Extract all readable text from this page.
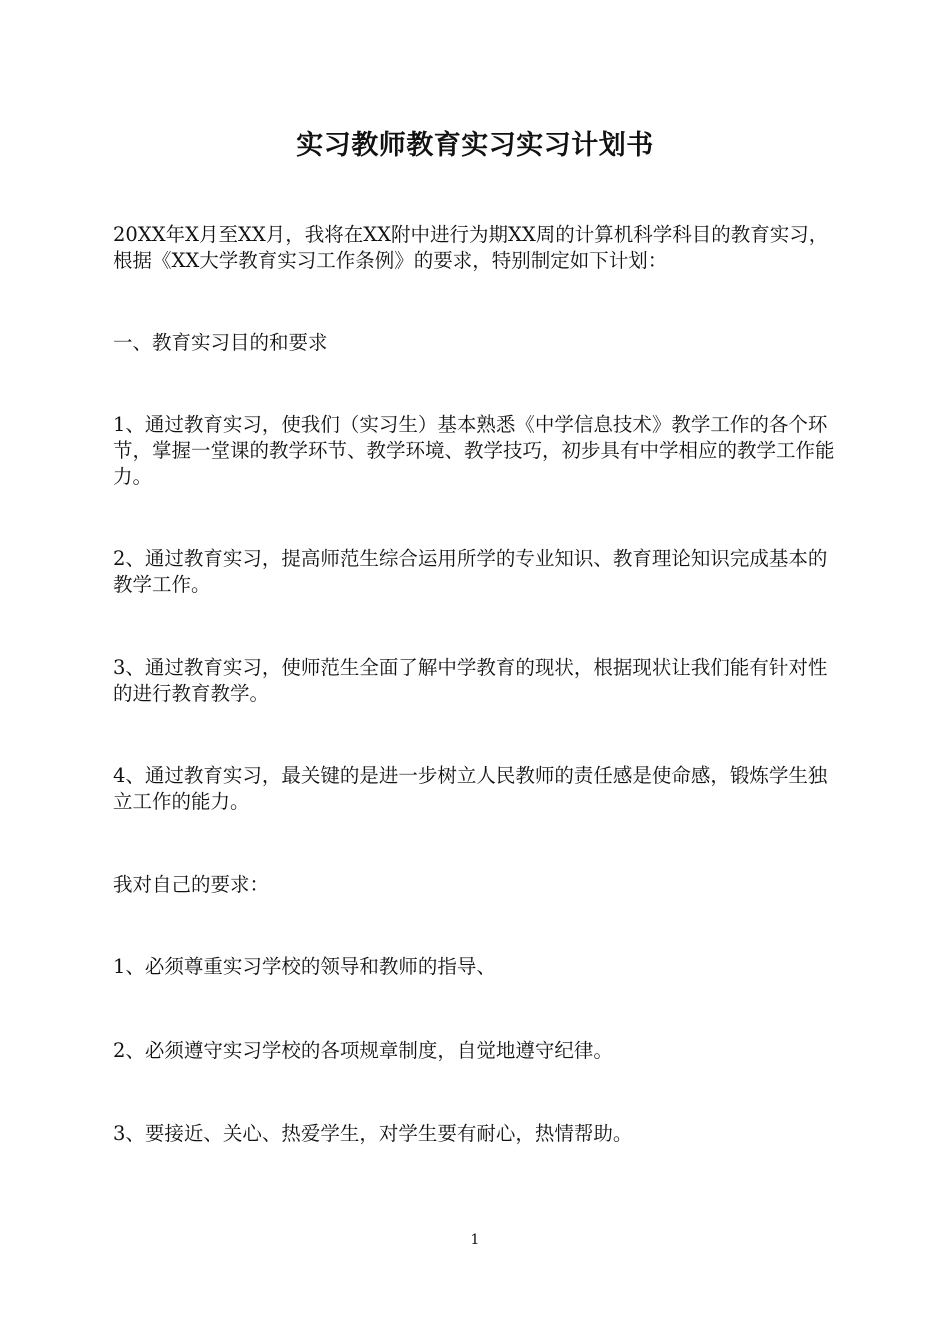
实习教师教育实习实习计划书

20XX年X月至XX月，我将在XX附中进行为期XX周的计算机科学科目的教育实习，根据《XX大学教育实习工作条例》的要求，特别制定如下计划：

一、教育实习目的和要求

1、通过教育实习，使我们（实习生）基本熟悉《中学信息技术》教学工作的各个环节，掌握一堂课的教学环节、教学环境、教学技巧，初步具有中学相应的教学工作能力。

2、通过教育实习，提高师范生综合运用所学的专业知识、教育理论知识完成基本的教学工作。

3、通过教育实习，使师范生全面了解中学教育的现状，根据现状让我们能有针对性的进行教育教学。

4、通过教育实习，最关键的是进一步树立人民教师的责任感是使命感，锻炼学生独立工作的能力。

我对自己的要求：

1、必须尊重实习学校的领导和教师的指导、

2、必须遵守实习学校的各项规章制度，自觉地遵守纪律。

3、要接近、关心、热爱学生，对学生要有耐心，热情帮助。

1
